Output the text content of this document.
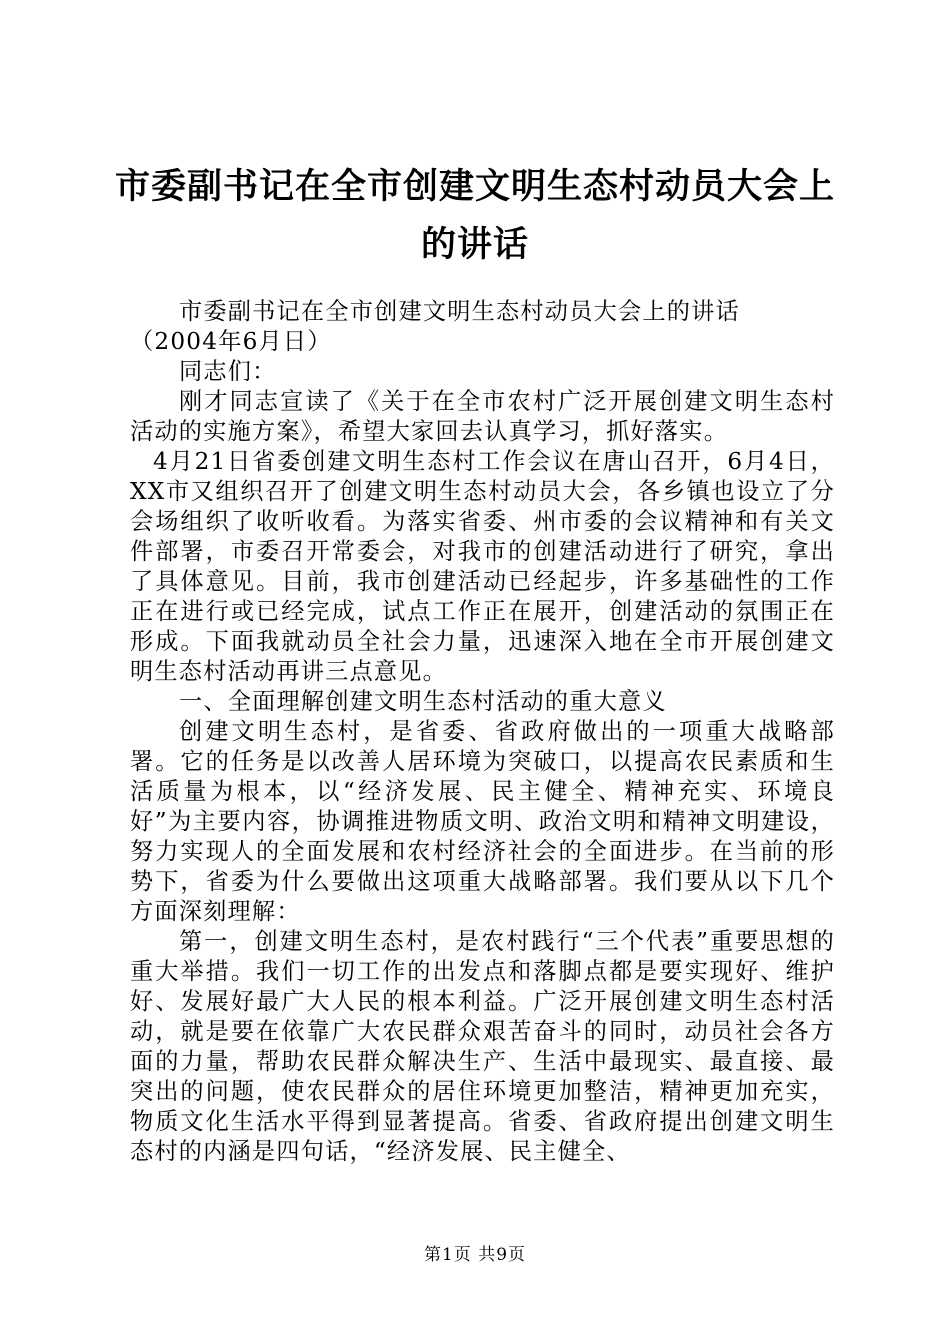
市委副书记在全市创建文明生态村动员大会上的讲话

市委副书记在全市创建文明生态村动员大会上的讲话

（2004年6月日）

同志们：

刚才同志宣读了《关于在全市农村广泛开展创建文明生态村活动的实施方案》，希望大家回去认真学习，抓好落实。

4月21日省委创建文明生态村工作会议在唐山召开，6月4日，XX市又组织召开了创建文明生态村动员大会，各乡镇也设立了分会场组织了收听收看。为落实省委、州市委的会议精神和有关文件部署，市委召开常委会，对我市的创建活动进行了研究，拿出了具体意见。目前，我市创建活动已经起步，许多基础性的工作正在进行或已经完成，试点工作正在展开，创建活动的氛围正在形成。下面我就动员全社会力量，迅速深入地在全市开展创建文明生态村活动再讲三点意见。

一、全面理解创建文明生态村活动的重大意义

创建文明生态村，是省委、省政府做出的一项重大战略部署。它的任务是以改善人居环境为突破口，以提高农民素质和生活质量为根本，以“经济发展、民主健全、精神充实、环境良好”为主要内容，协调推进物质文明、政治文明和精神文明建设，努力实现人的全面发展和农村经济社会的全面进步。在当前的形势下，省委为什么要做出这项重大战略部署。我们要从以下几个方面深刻理解：

第一，创建文明生态村，是农村践行“三个代表”重要思想的重大举措。我们一切工作的出发点和落脚点都是要实现好、维护好、发展好最广大人民的根本利益。广泛开展创建文明生态村活动，就是要在依靠广大农民群众艰苦奋斗的同时，动员社会各方面的力量，帮助农民群众解决生产、生活中最现实、最直接、最突出的问题，使农民群众的居住环境更加整洁，精神更加充实，物质文化生活水平得到显著提高。省委、省政府提出创建文明生态村的内涵是四句话，“经济发展、民主健全、

第1页 共9页
